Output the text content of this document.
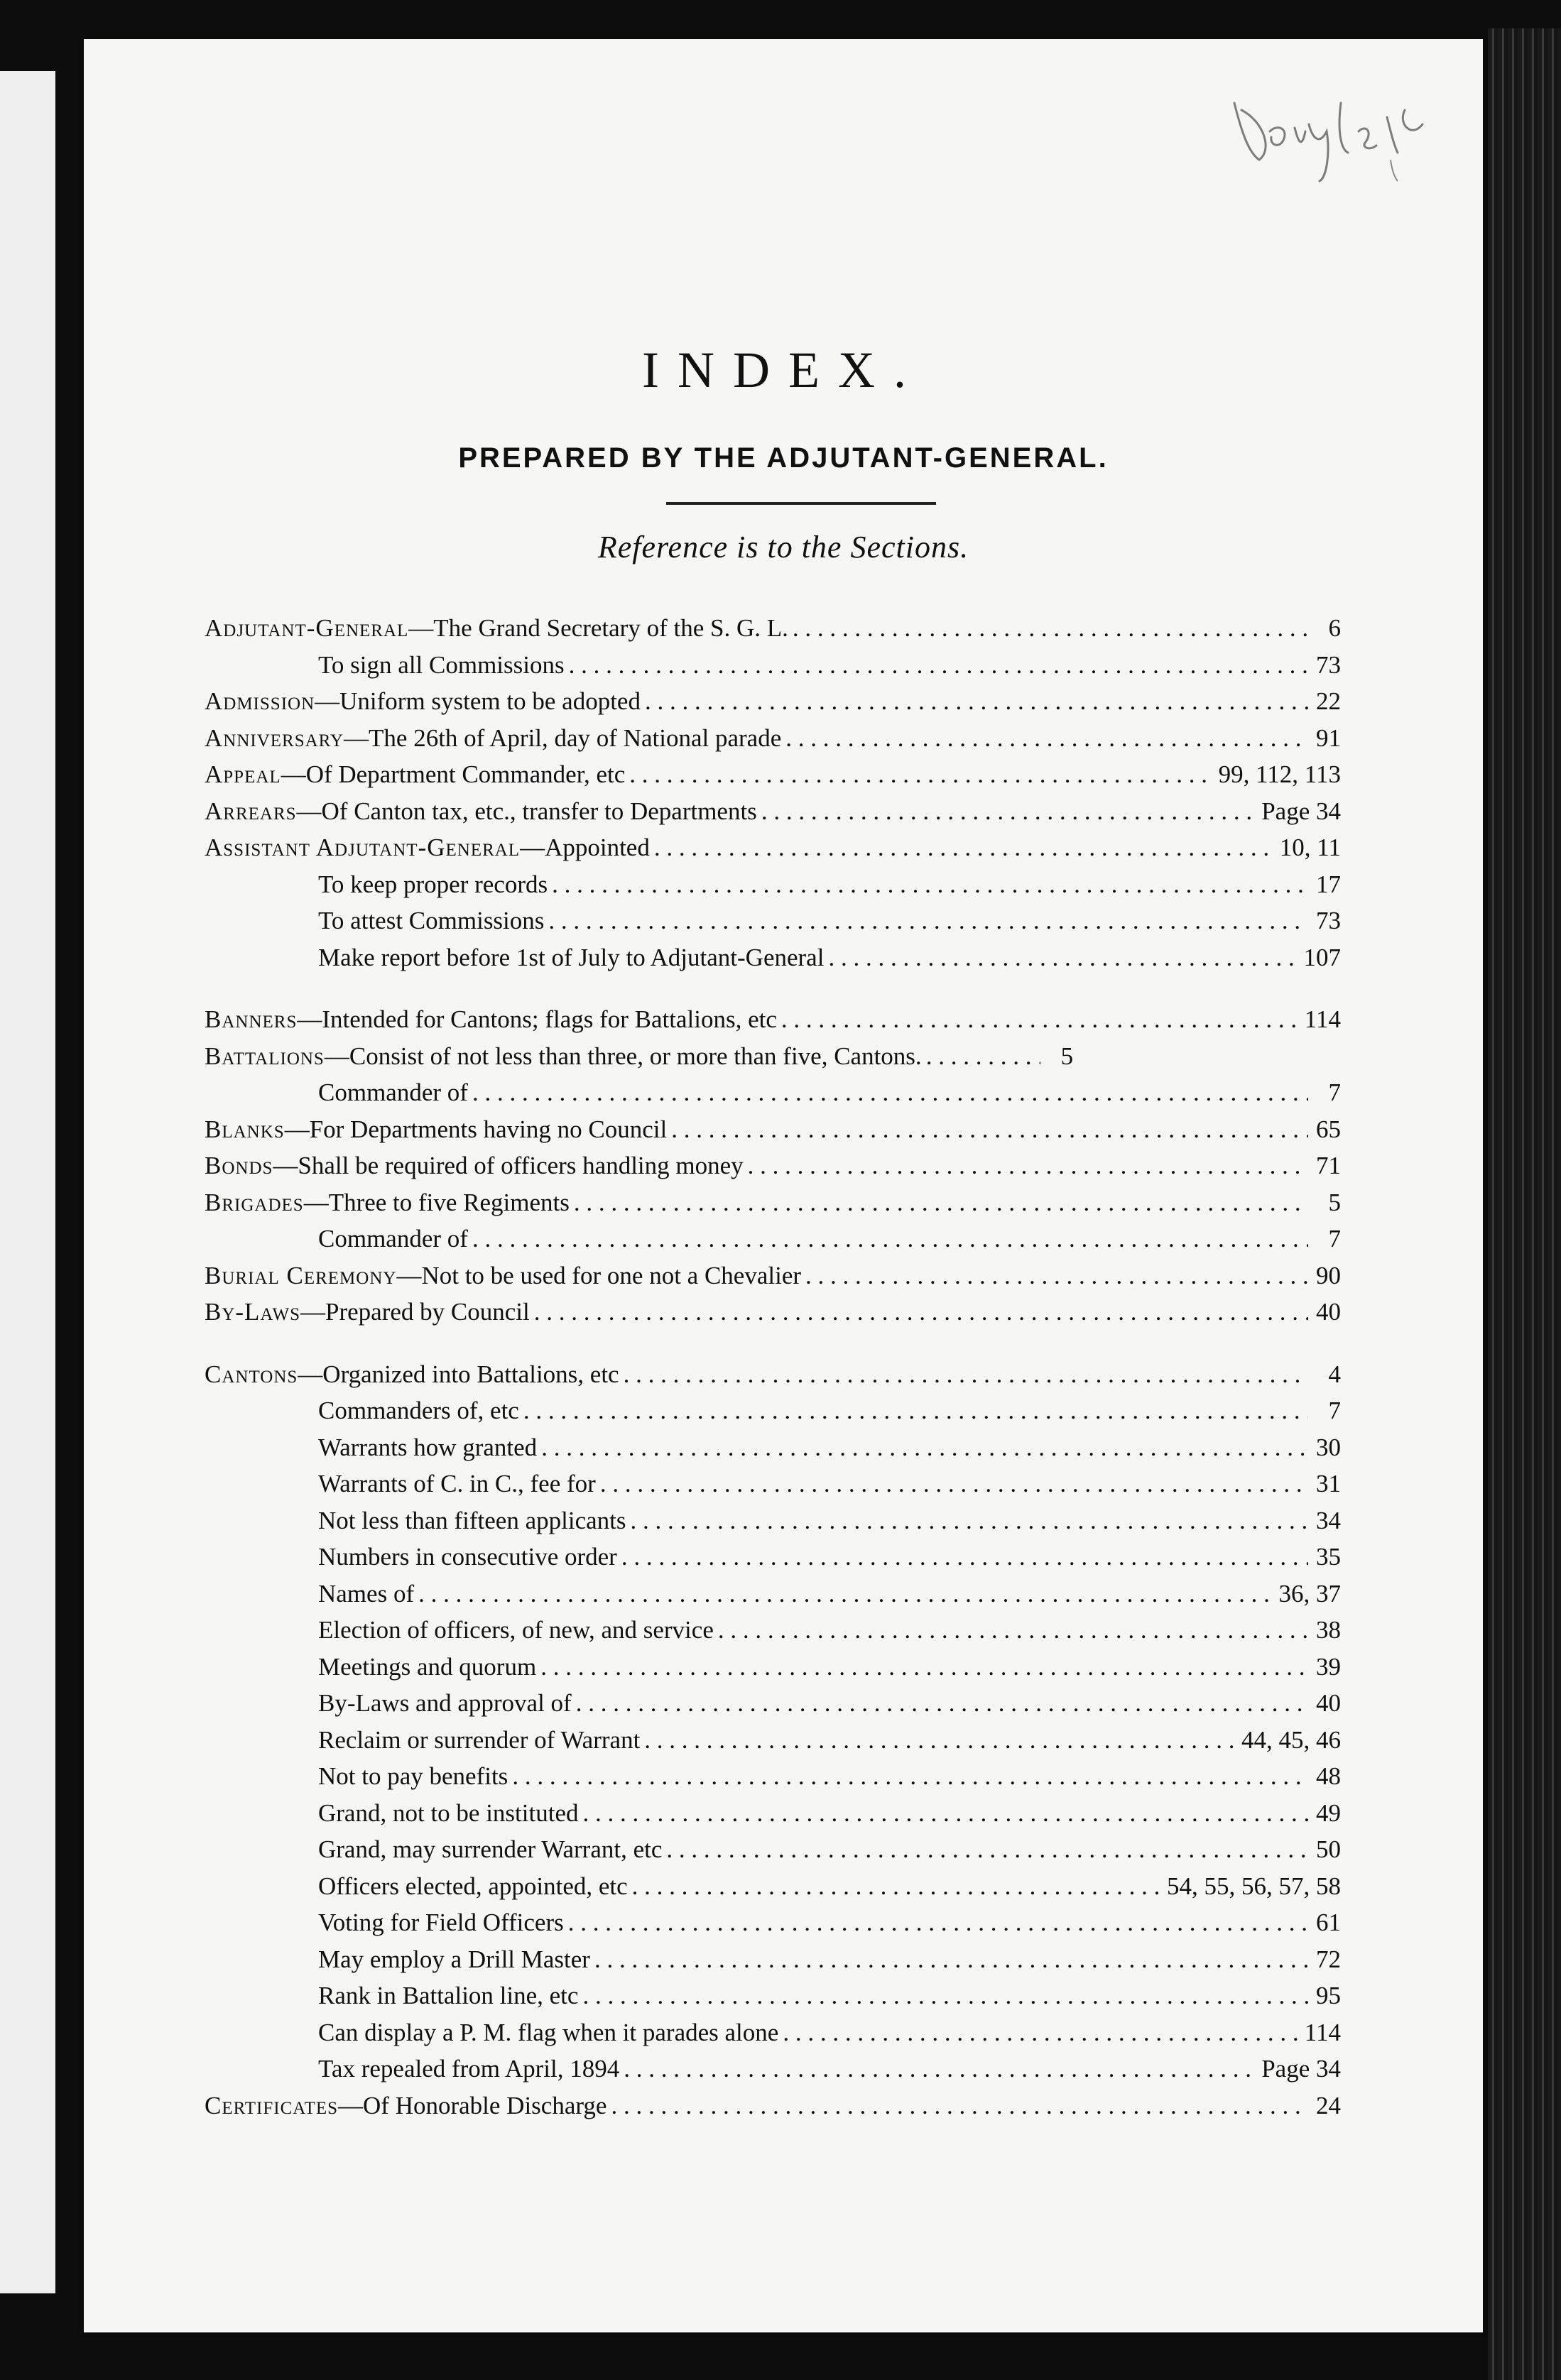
INDEX.
PREPARED BY THE ADJUTANT-GENERAL.
Reference is to the Sections.
Adjutant-General —The Grand Secretary of the S. G. L. . . .	6
To sign all Commissions . . .	73
Admission —Uniform system to be adopted . . .	22
Anniversary —The 26th of April, day of National parade . . .	91
Appeal —Of Department Commander, etc . . .	99, 112, 113
Arrears —Of Canton tax, etc., transfer to Departments . . .	Page 34
Assistant Adjutant-General —Appointed . . .	10, 11
To keep proper records . . .	17
To attest Commissions . . .	73
Make report before 1st of July to Adjutant-General . . .	107
Banners —Intended for Cantons; flags for Battalions, etc . . .	114
Battalions —Consist of not less than three, or more than five, Cantons. . . .	5
Commander of . . .	7
Blanks —For Departments having no Council . . .	65
Bonds —Shall be required of officers handling money . . .	71
Brigades —Three to five Regiments . . .	5
Commander of . . .	7
Burial Ceremony —Not to be used for one not a Chevalier . . .	90
By-Laws —Prepared by Council . . .	40
Cantons —Organized into Battalions, etc . . .	4
Commanders of, etc . . .	7
Warrants how granted . . .	30
Warrants of C. in C., fee for . . .	31
Not less than fifteen applicants . . .	34
Numbers in consecutive order . . .	35
Names of . . .	36, 37
Election of officers, of new, and service . . .	38
Meetings and quorum . . .	39
By-Laws and approval of . . .	40
Reclaim or surrender of Warrant . . .	44, 45, 46
Not to pay benefits . . .	48
Grand, not to be instituted . . .	49
Grand, may surrender Warrant, etc . . .	50
Officers elected, appointed, etc . . .	54, 55, 56, 57, 58
Voting for Field Officers . . .	61
May employ a Drill Master . . .	72
Rank in Battalion line, etc . . .	95
Can display a P. M. flag when it parades alone . . .	114
Tax repealed from April, 1894 . . .	Page 34
Certificates —Of Honorable Discharge . . .	24
